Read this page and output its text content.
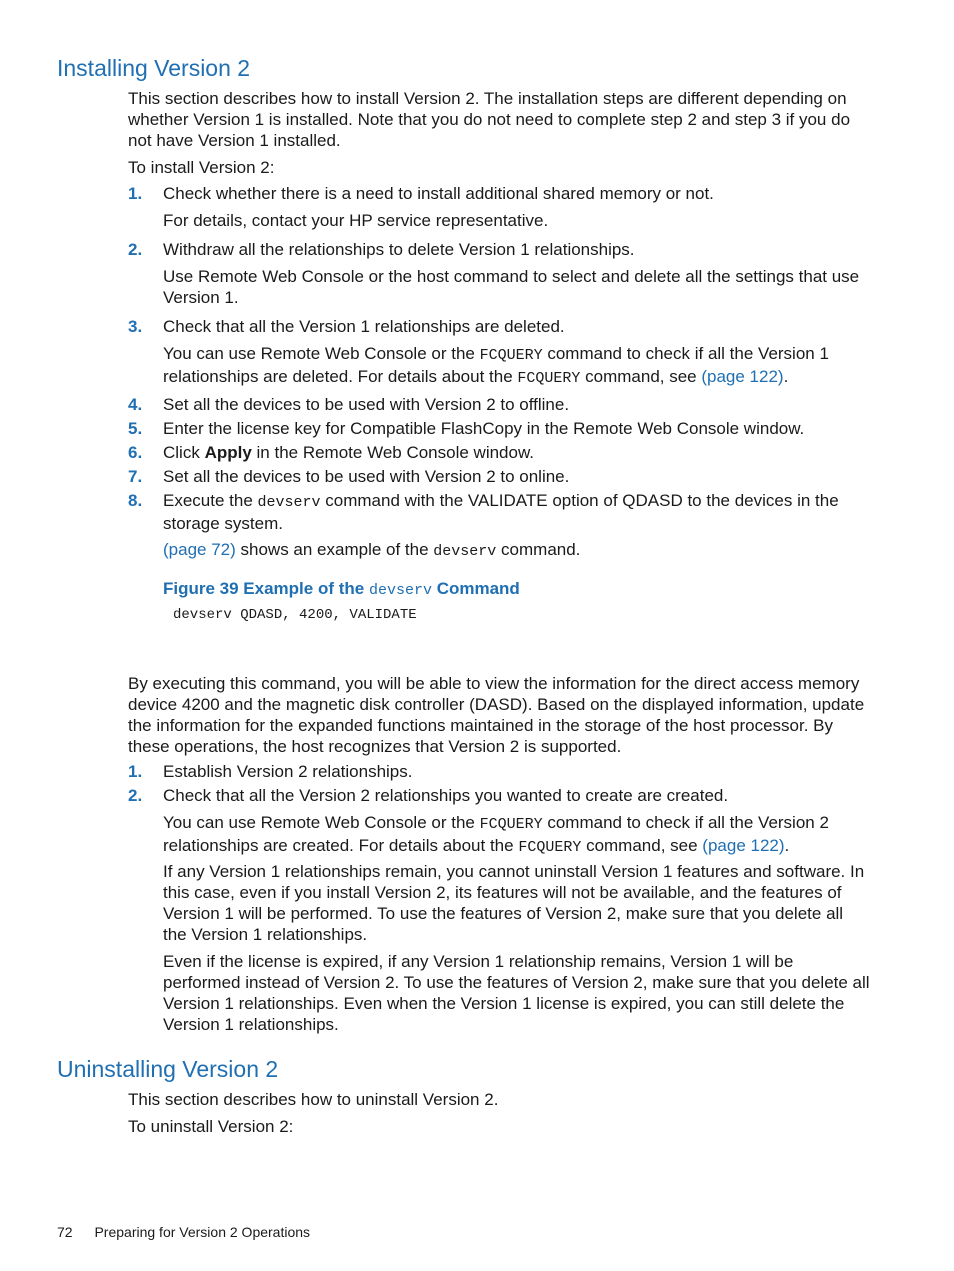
Installing Version 2
This section describes how to install Version 2. The installation steps are different depending on whether Version 1 is installed. Note that you do not need to complete step 2 and step 3 if you do not have Version 1 installed.
To install Version 2:
1. Check whether there is a need to install additional shared memory or not.
For details, contact your HP service representative.
2. Withdraw all the relationships to delete Version 1 relationships.
Use Remote Web Console or the host command to select and delete all the settings that use Version 1.
3. Check that all the Version 1 relationships are deleted.
You can use Remote Web Console or the FCQUERY command to check if all the Version 1 relationships are deleted. For details about the FCQUERY command, see (page 122).
4. Set all the devices to be used with Version 2 to offline.
5. Enter the license key for Compatible FlashCopy in the Remote Web Console window.
6. Click Apply in the Remote Web Console window.
7. Set all the devices to be used with Version 2 to online.
8. Execute the devserv command with the VALIDATE option of QDASD to the devices in the storage system.
(page 72) shows an example of the devserv command.
Figure 39 Example of the devserv Command
devserv QDASD, 4200, VALIDATE
By executing this command, you will be able to view the information for the direct access memory device 4200 and the magnetic disk controller (DASD). Based on the displayed information, update the information for the expanded functions maintained in the storage of the host processor. By these operations, the host recognizes that Version 2 is supported.
1. Establish Version 2 relationships.
2. Check that all the Version 2 relationships you wanted to create are created.
You can use Remote Web Console or the FCQUERY command to check if all the Version 2 relationships are created. For details about the FCQUERY command, see (page 122).
If any Version 1 relationships remain, you cannot uninstall Version 1 features and software. In this case, even if you install Version 2, its features will not be available, and the features of Version 1 will be performed. To use the features of Version 2, make sure that you delete all the Version 1 relationships.
Even if the license is expired, if any Version 1 relationship remains, Version 1 will be performed instead of Version 2. To use the features of Version 2, make sure that you delete all Version 1 relationships. Even when the Version 1 license is expired, you can still delete the Version 1 relationships.
Uninstalling Version 2
This section describes how to uninstall Version 2.
To uninstall Version 2:
72 Preparing for Version 2 Operations
